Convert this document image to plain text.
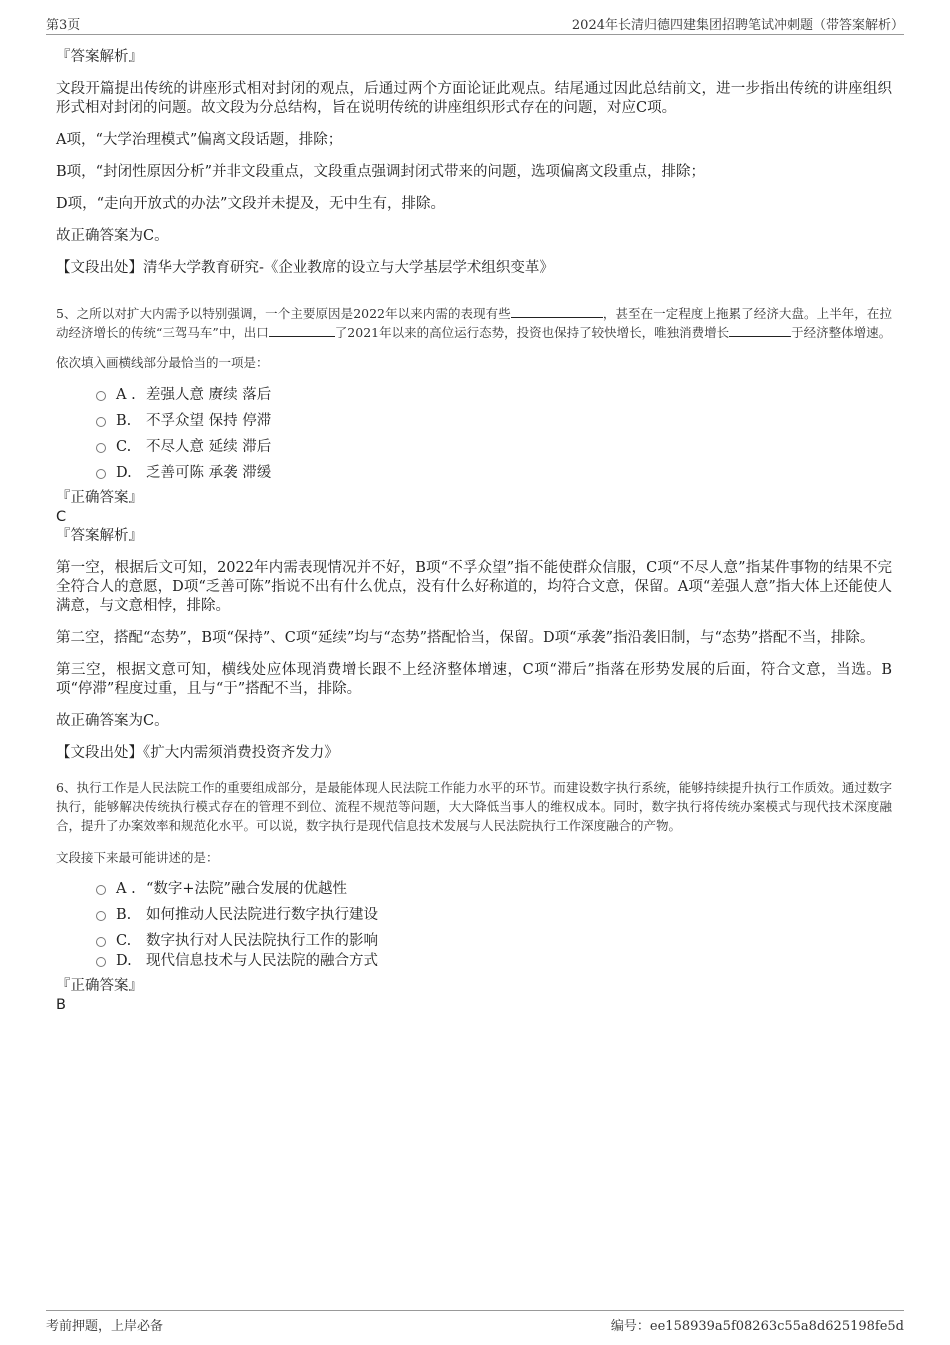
第3页	2024年长清归德四建集团招聘笔试冲刺题（带答案解析）

『答案解析』

文段开篇提出传统的讲座形式相对封闭的观点，后通过两个方面论证此观点。结尾通过因此总结前文，进一步指出传统的讲座组织形式相对封闭的问题。故文段为分总结构，旨在说明传统的讲座组织形式存在的问题，对应C项。

A项，“大学治理模式”偏离文段话题，排除；

B项，“封闭性原因分析”并非文段重点，文段重点强调封闭式带来的问题，选项偏离文段重点，排除；

D项，“走向开放式的办法”文段并未提及，无中生有，排除。

故正确答案为C。

【文段出处】清华大学教育研究-《企业教席的设立与大学基层学术组织变革》

5、之所以对扩大内需予以特别强调，一个主要原因是2022年以来内需的表现有些	，甚至在一定程度上拖累了经济大盘。上半年，在拉动经济增长的传统“三驾马车”中，出口	了2021年以来的高位运行态势，投资也保持了较快增长，唯独消费增长	于经济整体增速。

依次填入画横线部分最恰当的一项是：

A . 差强人意 赓续 落后
B. 不孚众望 保持 停滞
C. 不尽人意 延续 滞后
D. 乏善可陈 承袭 滞缓

『正确答案』

C

『答案解析』

第一空，根据后文可知，2022年内需表现情况并不好，B项“不孚众望”指不能使群众信服，C项“不尽人意”指某件事物的结果不完全符合人的意愿，D项“乏善可陈”指说不出有什么优点，没有什么好称道的，均符合文意，保留。A项“差强人意”指大体上还能使人满意，与文意相悖，排除。

第二空，搭配“态势”，B项“保持”、C项“延续”均与“态势”搭配恰当，保留。D项“承袭”指沿袭旧制，与“态势”搭配不当，排除。

第三空，根据文意可知，横线处应体现消费增长跟不上经济整体增速，C项“滞后”指落在形势发展的后面，符合文意，当选。B项“停滞”程度过重，且与“于”搭配不当，排除。

故正确答案为C。

【文段出处】《扩大内需须消费投资齐发力》

6、执行工作是人民法院工作的重要组成部分，是最能体现人民法院工作能力水平的环节。而建设数字执行系统，能够持续提升执行工作质效。通过数字执行，能够解决传统执行模式存在的管理不到位、流程不规范等问题，大大降低当事人的维权成本。同时，数字执行将传统办案模式与现代技术深度融合，提升了办案效率和规范化水平。可以说，数字执行是现代信息技术发展与人民法院执行工作深度融合的产物。

文段接下来最可能讲述的是：

A . “数字+法院”融合发展的优越性
B. 如何推动人民法院进行数字执行建设
C. 数字执行对人民法院执行工作的影响
D. 现代信息技术与人民法院的融合方式

『正确答案』

B

考前押题，上岸必备	编号：ee158939a5f08263c55a8d625198fe5d
